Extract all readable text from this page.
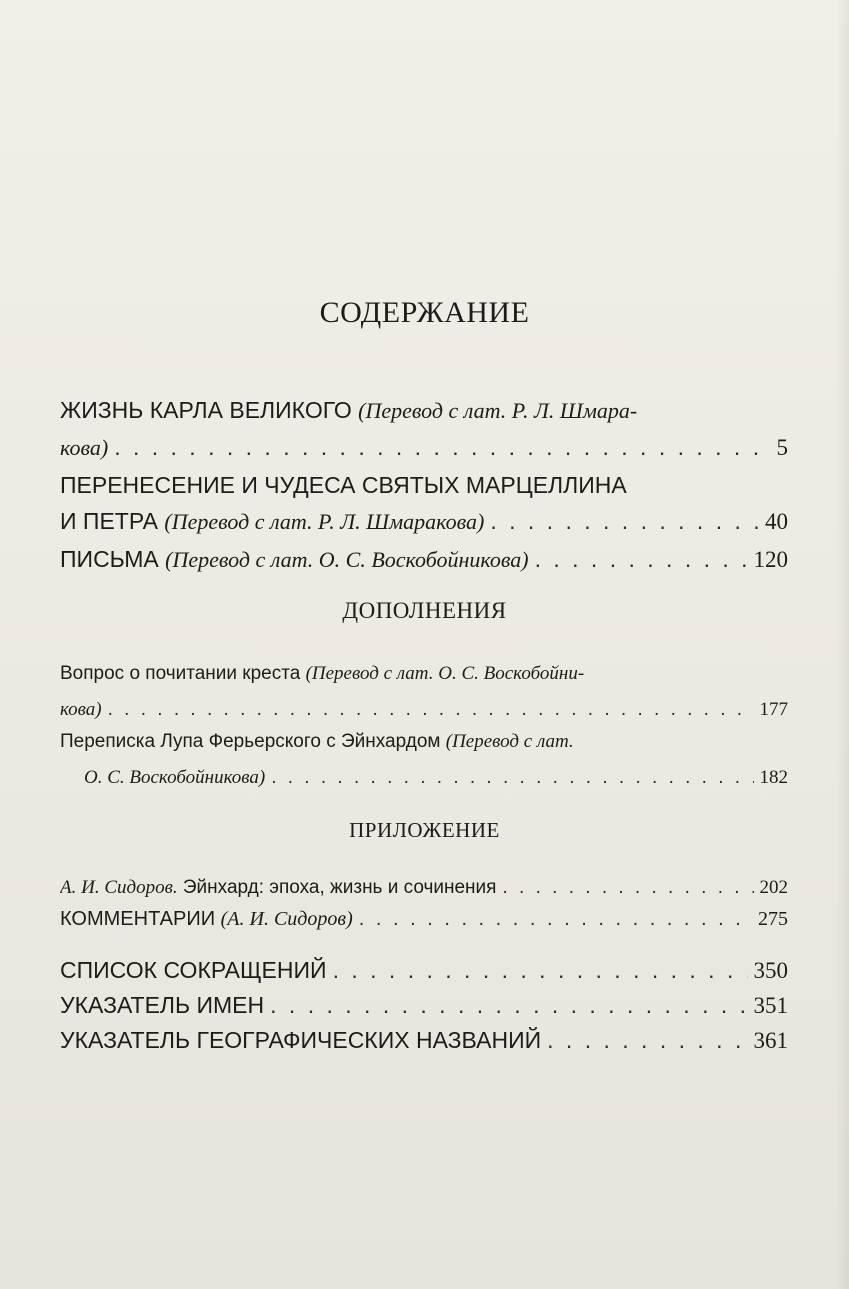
СОДЕРЖАНИЕ
ЖИЗНЬ КАРЛА ВЕЛИКОГО
(Перевод с лат. Р. Л. Шмара-
кова) . . .	5
ПЕРЕНЕСЕНИЕ И ЧУДЕСА СВЯТЫХ МАРЦЕЛЛИНА
И ПЕТРА
(Перевод с лат. Р. Л. Шмаракова) . . .	40
ПИСЬМА
(Перевод с лат. О. С. Воскобойникова) . . .	120
ДОПОЛНЕНИЯ
Вопрос о почитании креста
(Перевод с лат. О. С. Воскобойни-
кова) . . .	177
Переписка Лупа Ферьерского с Эйнхардом
(Перевод с лат.
О. С. Воскобойникова) . . .	182
ПРИЛОЖЕНИЕ
А. И. Сидоров.
Эйнхард: эпоха, жизнь и сочинения . . .	202
КОММЕНТАРИИ
(А. И. Сидоров) . . .	275
СПИСОК СОКРАЩЕНИЙ . . .	350
УКАЗАТЕЛЬ ИМЕН . . .	351
УКАЗАТЕЛЬ ГЕОГРАФИЧЕСКИХ НАЗВАНИЙ . . .	361
